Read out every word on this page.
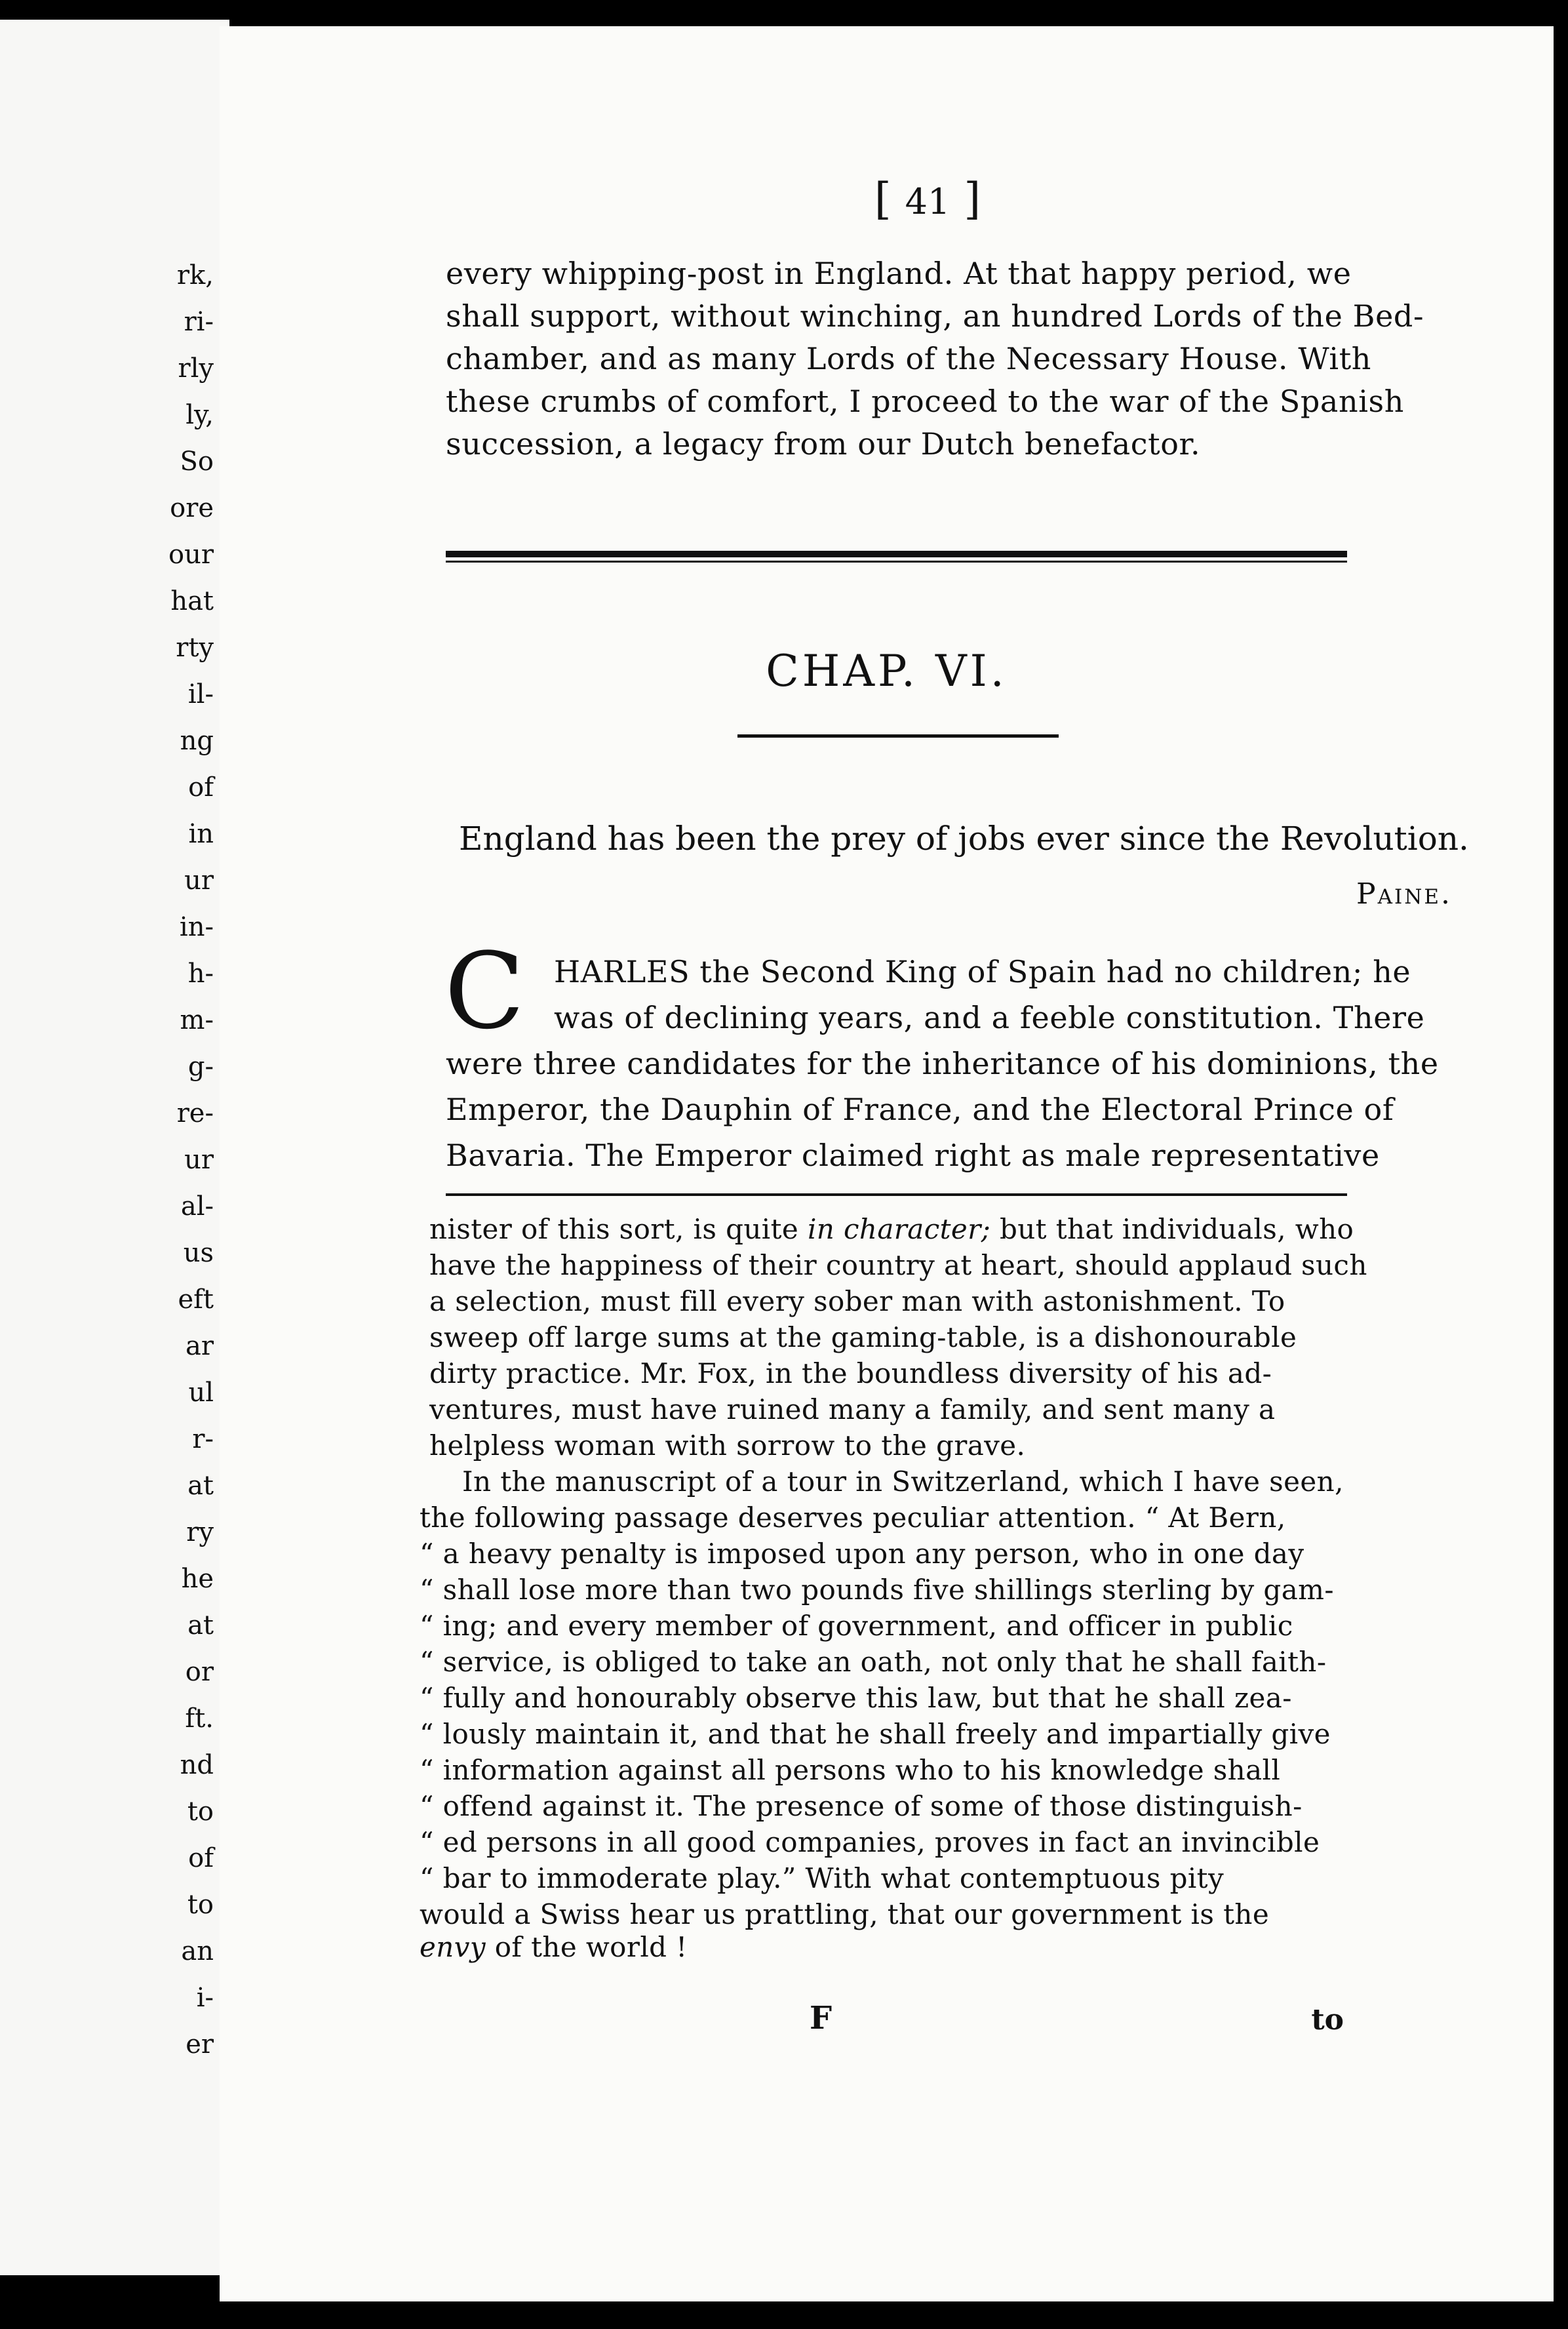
rk,

ri-

rly

ly,

So

ore

our

hat

rty

il-

ng

of

in

ur

in-

h-

m-

g-

re-

ur

al-

us

eft

ar

ul

r-

at

ry

he

at

or

ft.

nd

to

of

to

an

i-

er

[ 41 ]

every whipping-post in England. At that happy period, we

shall support, without winching, an hundred Lords of the Bed-

chamber, and as many Lords of the Necessary House. With

these crumbs of comfort, I proceed to the war of the Spanish

succession, a legacy from our Dutch benefactor.

CHAP. VI.

England has been the prey of jobs ever since the Revolution.

Paine.

C HARLES the Second King of Spain had no children; he

was of declining years, and a feeble constitution. There

were three candidates for the inheritance of his dominions, the

Emperor, the Dauphin of France, and the Electoral Prince of

Bavaria. The Emperor claimed right as male representative

nister of this sort, is quite in character; but that individuals, who

have the happiness of their country at heart, should applaud such

a selection, must fill every sober man with astonishment. To

sweep off large sums at the gaming-table, is a dishonourable

dirty practice. Mr. Fox, in the boundless diversity of his ad-

ventures, must have ruined many a family, and sent many a

helpless woman with sorrow to the grave.

In the manuscript of a tour in Switzerland, which I have seen,

the following passage deserves peculiar attention. “ At Bern,

“ a heavy penalty is imposed upon any person, who in one day

“ shall lose more than two pounds five shillings sterling by gam-

“ ing; and every member of government, and officer in public

“ service, is obliged to take an oath, not only that he shall faith-

“ fully and honourably observe this law, but that he shall zea-

“ lously maintain it, and that he shall freely and impartially give

“ information against all persons who to his knowledge shall

“ offend against it. The presence of some of those distinguish-

“ ed persons in all good companies, proves in fact an invincible

“ bar to immoderate play.” With what contemptuous pity

would a Swiss hear us prattling, that our government is the

envy of the world !

F	to
